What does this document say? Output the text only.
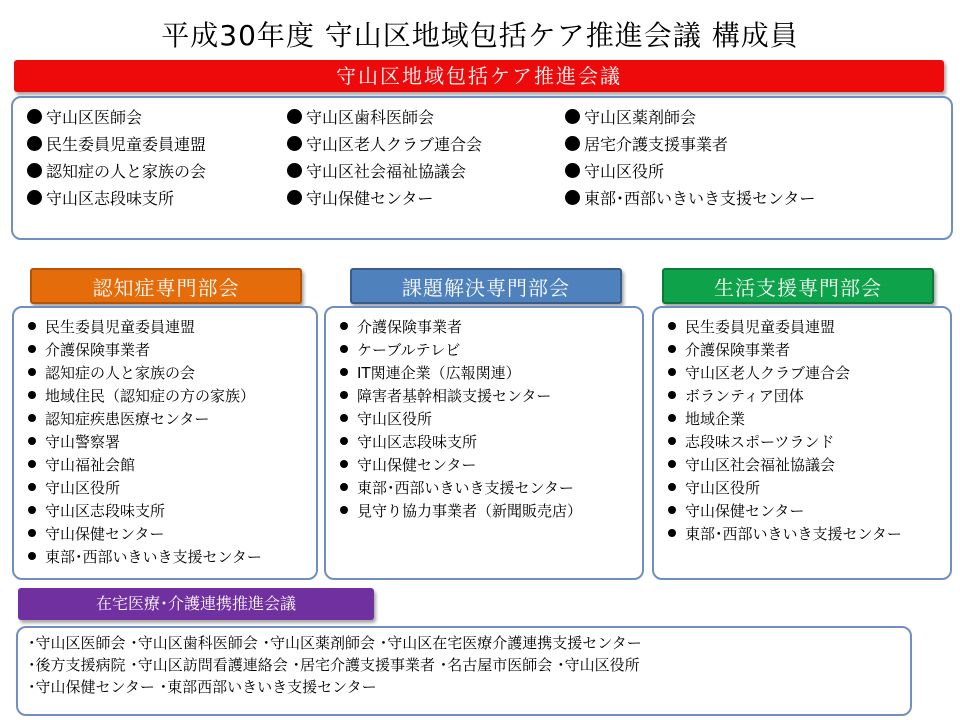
平成30年度 守山区地域包括ケア推進会議 構成員
守山区地域包括ケア推進会議
守山区医師会
民生委員児童委員連盟
認知症の人と家族の会
守山区志段味支所
守山区歯科医師会
守山区老人クラブ連合会
守山区社会福祉協議会
守山保健センター
守山区薬剤師会
居宅介護支援事業者
守山区役所
東部･西部いきいき支援センター
認知症専門部会	課題解決専門部会	生活支援専門部会
民生委員児童委員連盟
介護保険事業者
認知症の人と家族の会
地域住民（認知症の方の家族）
認知症疾患医療センター
守山警察署
守山福祉会館
守山区役所
守山区志段味支所
守山保健センター
東部･西部いきいき支援センター
介護保険事業者
ケーブルテレビ
IT関連企業（広報関連）
障害者基幹相談支援センター
守山区役所
守山区志段味支所
守山保健センター
東部･西部いきいき支援センター
見守り協力事業者（新聞販売店）
民生委員児童委員連盟
介護保険事業者
守山区老人クラブ連合会
ボランティア団体
地域企業
志段味スポーツランド
守山区社会福祉協議会
守山区役所
守山保健センター
東部･西部いきいき支援センター
在宅医療･介護連携推進会議
･守山区医師会 ･守山区歯科医師会 ･守山区薬剤師会 ･守山区在宅医療介護連携支援センター
･後方支援病院 ･守山区訪問看護連絡会 ･居宅介護支援事業者 ･名古屋市医師会 ･守山区役所
･守山保健センター ･東部西部いきいき支援センター
